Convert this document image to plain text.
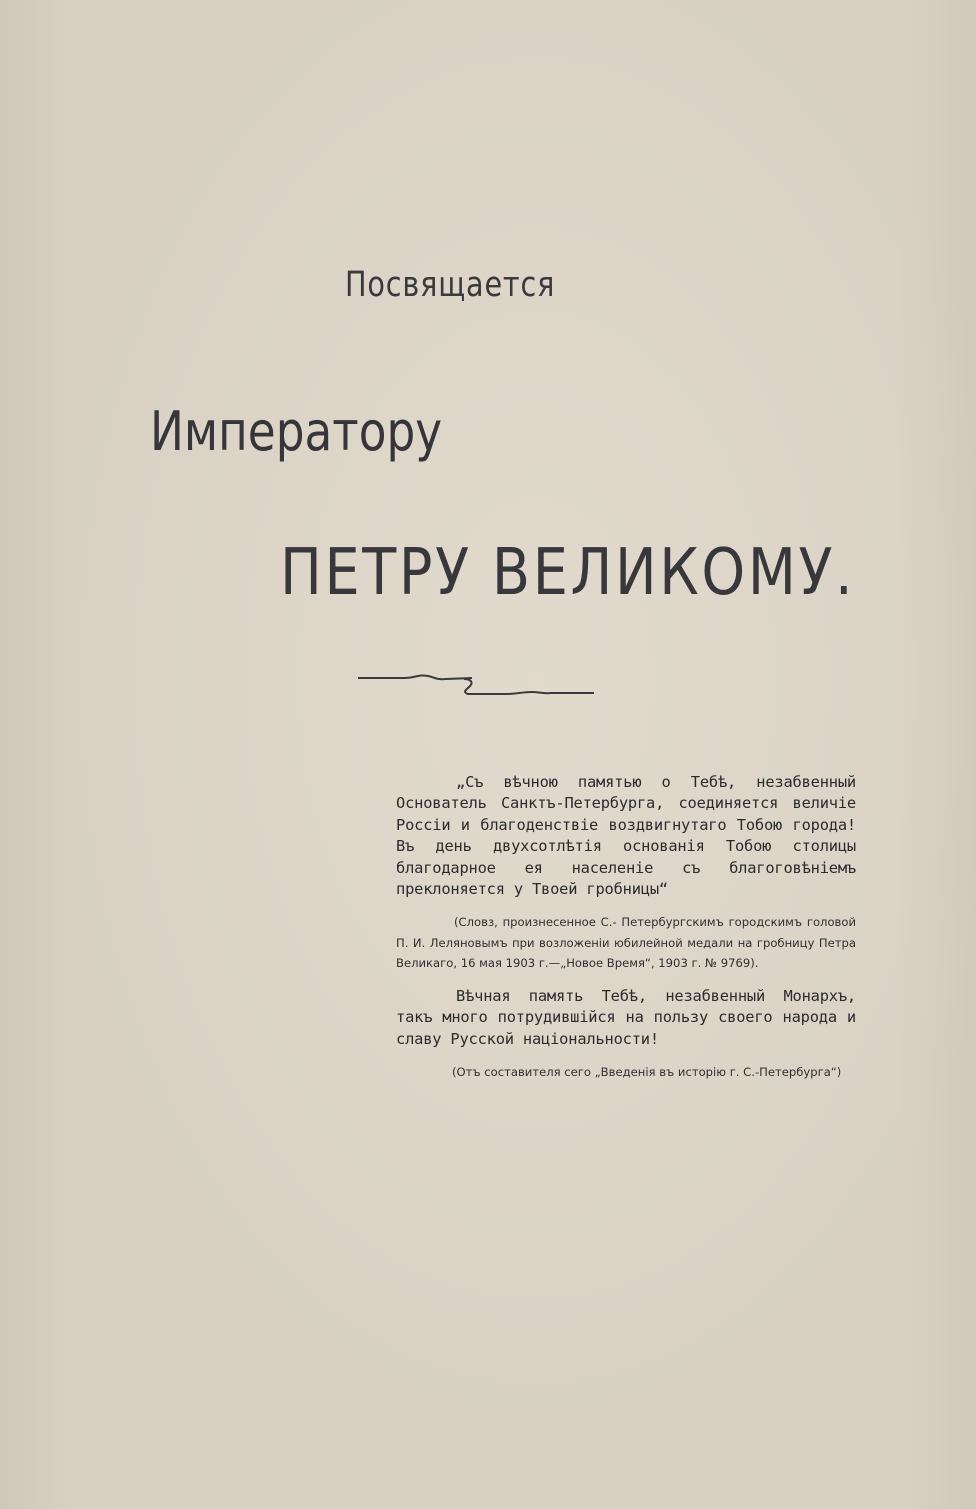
Посвящается
Императору
ПЕТРУ ВЕЛИКОМУ.

„Съ вѣчною памятью о Тебѣ, незабвенный Основатель Санктъ-Петербурга, соединяется величіе Россіи и благоденствіе воздвигнутаго Тобою города! Въ день двухсотлѣтія основанія Тобою столицы благодарное ея населеніе съ благоговѣніемъ преклоняется у Твоей гробницы“

(Словз, произнесенное С.- Петербургскимъ городскимъ головой П. И. Леляновымъ при возложеніи юбилейной медали на гробницу Петра Великаго, 16 мая 1903 г.—„Новое Время“, 1903 г. № 9769).

Вѣчная память Тебѣ, незабвенный Монархъ, такъ много потрудившійся на пользу своего народа и славу Русской національности!

(Отъ составителя сего „Введенія въ исторію г. С.-Петербурга“)
